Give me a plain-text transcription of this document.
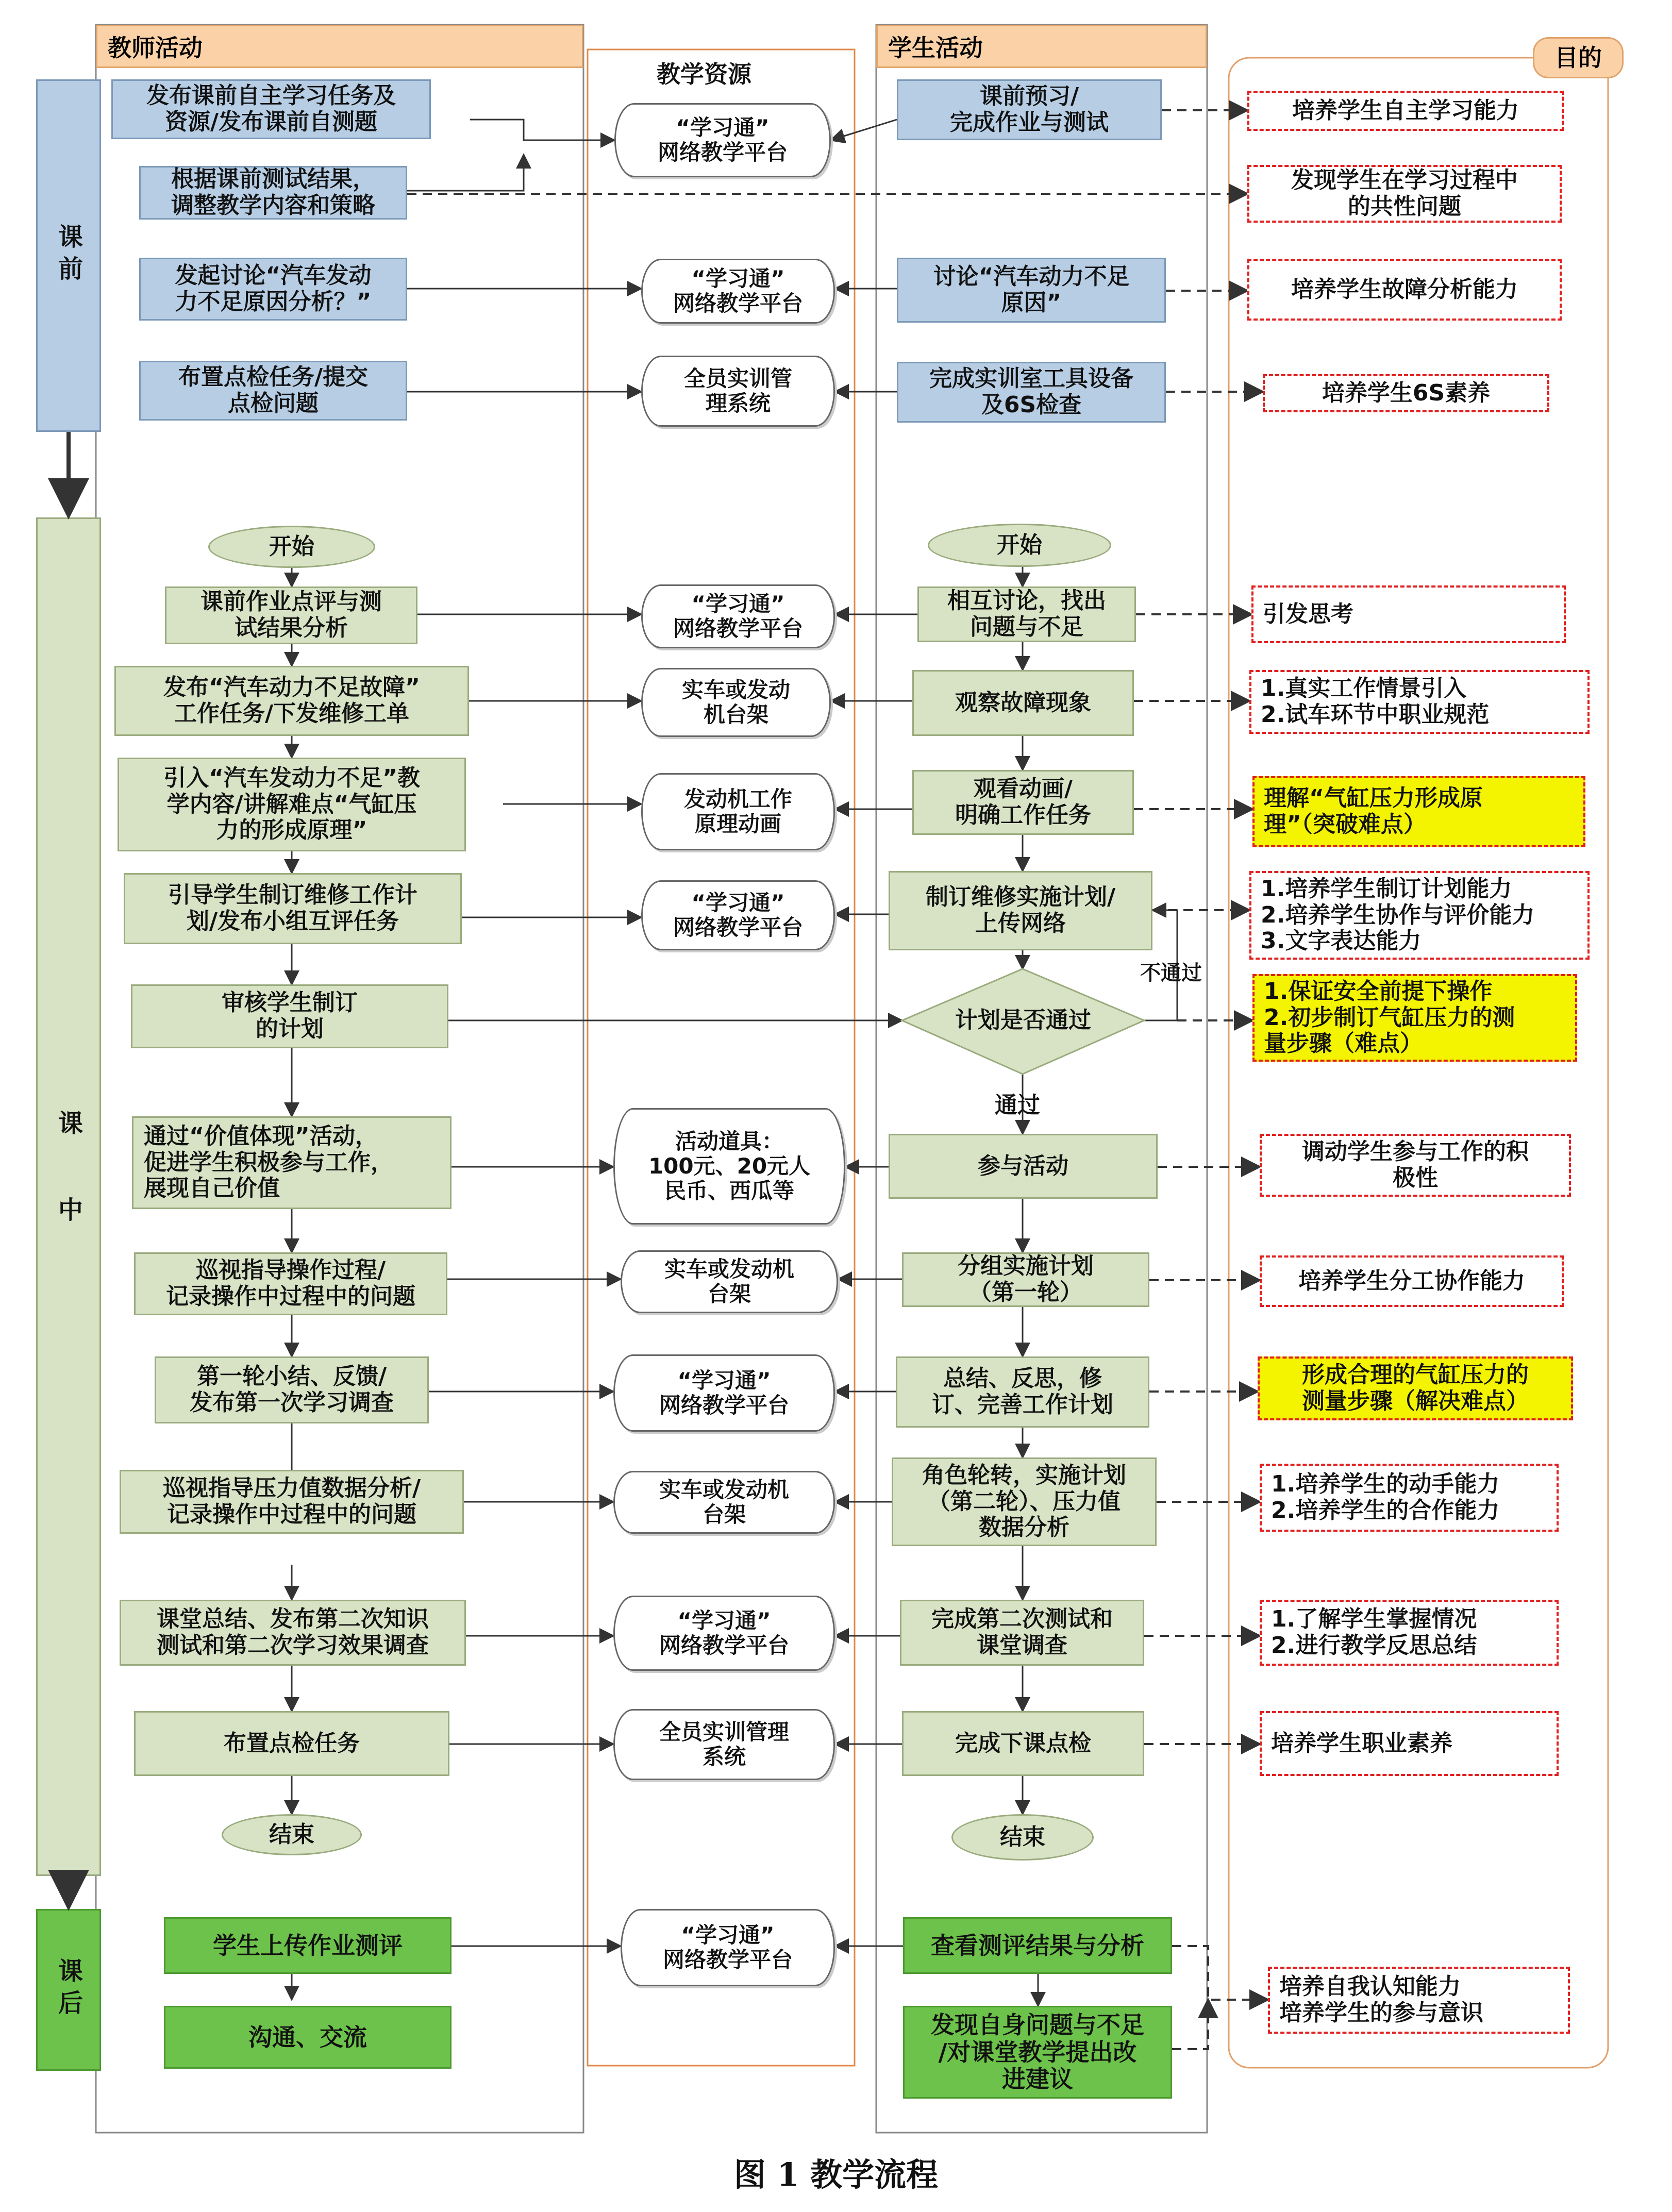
教师活动
教学资源
学生活动	目的
课前
课中
课后
发布课前自主学习任务及
资源/发布课前自测题
根据课前测试结果，
调整教学内容和策略
发起讨论“汽车发动
力不足原因分析？”
布置点检任务/提交
点检问题
开始
课前作业点评与测
试结果分析
发布“汽车动力不足故障”
工作任务/下发维修工单
引入“汽车发动力不足”教
学内容/讲解难点“气缸压
力的形成原理”
引导学生制订维修工作计
划/发布小组互评任务
审核学生制订
的计划
通过“价值体现”活动，
促进学生积极参与工作，
展现自己价值
巡视指导操作过程/
记录操作中过程中的问题
第一轮小结、反馈/
发布第一次学习调查
巡视指导压力值数据分析/
记录操作中过程中的问题
课堂总结、发布第二次知识
测试和第二次学习效果调查
布置点检任务
结束
学生上传作业测评
沟通、交流
“学习通”
网络教学平台
“学习通”
网络教学平台
全员实训管
理系统
“学习通”
网络教学平台
实车或发动
机台架
发动机工作
原理动画
“学习通”
网络教学平台
活动道具：
100元、20元人
民币、西瓜等
实车或发动机
台架
“学习通”
网络教学平台
实车或发动机
台架
“学习通”
网络教学平台
全员实训管理
系统
“学习通”
网络教学平台
课前预习/
完成作业与测试
讨论“汽车动力不足
原因”
完成实训室工具设备
及6S检查
开始
相互讨论，找出
问题与不足
观察故障现象
观看动画/
明确工作任务
制订维修实施计划/
上传网络
计划是否通过
不通过
通过
参与活动
分组实施计划
（第一轮）
总结、反思，修
订、完善工作计划
角色轮转，实施计划
（第二轮）、压力值
数据分析
完成第二次测试和
课堂调查
完成下课点检
结束
查看测评结果与分析
发现自身问题与不足
/对课堂教学提出改
进建议
培养学生自主学习能力
发现学生在学习过程中
的共性问题
培养学生故障分析能力
培养学生6S素养
引发思考
1.真实工作情景引入
2.试车环节中职业规范
理解“气缸压力形成原
理”（突破难点）
1.培养学生制订计划能力
2.培养学生协作与评价能力
3.文字表达能力
1.保证安全前提下操作
2.初步制订气缸压力的测
量步骤（难点）
调动学生参与工作的积
极性
培养学生分工协作能力
形成合理的气缸压力的
测量步骤（解决难点）
1.培养学生的动手能力
2.培养学生的合作能力
1.了解学生掌握情况
2.进行教学反思总结
培养学生职业素养
培养自我认知能力
培养学生的参与意识
图 1 教学流程
